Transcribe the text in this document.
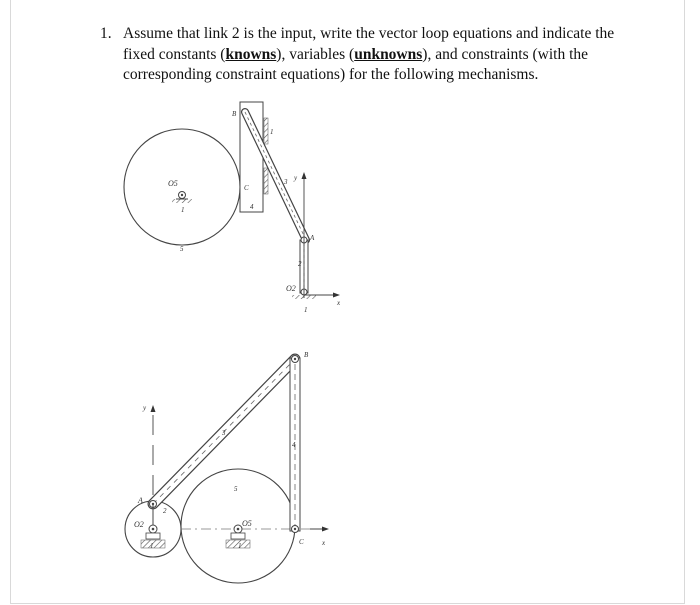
1. Assume that link 2 is the input, write the vector loop equations and indicate the fixed constants (knowns), variables (unknowns), and constraints (with the corresponding constraint equations) for the following mechanisms.
O5
1
5
B
1
C
4
3
A
2
O2
1
y
x
3
4
B
A
2
C
5
O2
1
O5
1
y
x
